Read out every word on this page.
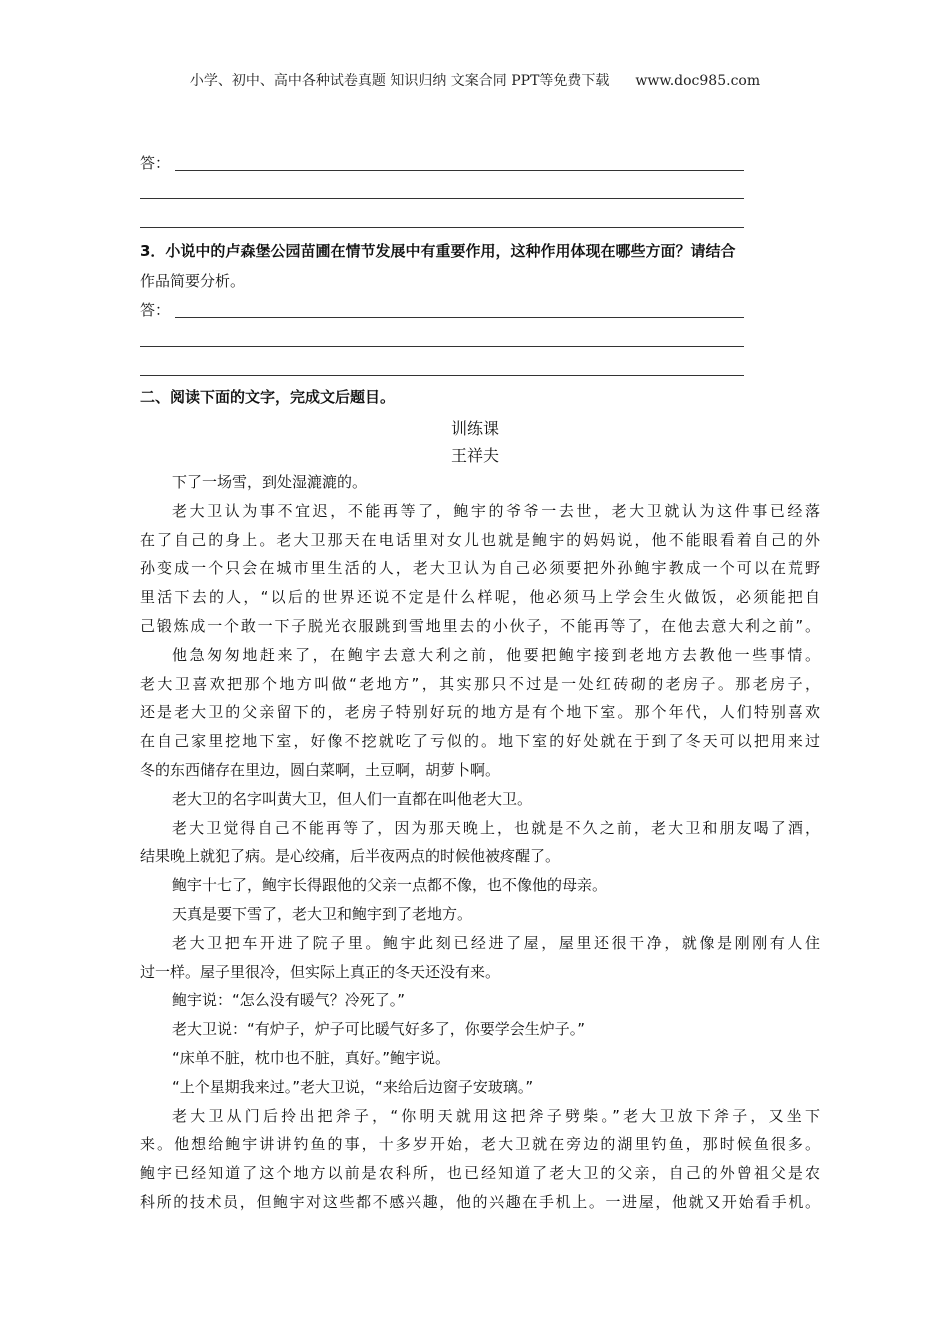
小学、初中、高中各种试卷真题 知识归纳 文案合同 PPT等免费下载 www.doc985.com
答：
3．小说中的卢森堡公园苗圃在情节发展中有重要作用，这种作用体现在哪些方面？请结合
作品简要分析。
答：
二、阅读下面的文字，完成文后题目。
训练课
王祥夫
下了一场雪，到处湿漉漉的。
老大卫认为事不宜迟，不能再等了，鲍宇的爷爷一去世，老大卫就认为这件事已经落
在了自己的身上。老大卫那天在电话里对女儿也就是鲍宇的妈妈说，他不能眼看着自己的外
孙变成一个只会在城市里生活的人，老大卫认为自己必须要把外孙鲍宇教成一个可以在荒野
里活下去的人，“以后的世界还说不定是什么样呢，他必须马上学会生火做饭，必须能把自
己锻炼成一个敢一下子脱光衣服跳到雪地里去的小伙子，不能再等了，在他去意大利之前”。
他急匆匆地赶来了，在鲍宇去意大利之前，他要把鲍宇接到老地方去教他一些事情。
老大卫喜欢把那个地方叫做“老地方”，其实那只不过是一处红砖砌的老房子。那老房子，
还是老大卫的父亲留下的，老房子特别好玩的地方是有个地下室。那个年代，人们特别喜欢
在自己家里挖地下室，好像不挖就吃了亏似的。地下室的好处就在于到了冬天可以把用来过
冬的东西储存在里边，圆白菜啊，土豆啊，胡萝卜啊。
老大卫的名字叫黄大卫，但人们一直都在叫他老大卫。
老大卫觉得自己不能再等了，因为那天晚上，也就是不久之前，老大卫和朋友喝了酒，
结果晚上就犯了病。是心绞痛，后半夜两点的时候他被疼醒了。
鲍宇十七了，鲍宇长得跟他的父亲一点都不像，也不像他的母亲。
天真是要下雪了，老大卫和鲍宇到了老地方。
老大卫把车开进了院子里。鲍宇此刻已经进了屋，屋里还很干净，就像是刚刚有人住
过一样。屋子里很冷，但实际上真正的冬天还没有来。
鲍宇说：“怎么没有暖气？冷死了。”
老大卫说：“有炉子，炉子可比暖气好多了，你要学会生炉子。”
“床单不脏，枕巾也不脏，真好。”鲍宇说。
“上个星期我来过。”老大卫说，“来给后边窗子安玻璃。”
老大卫从门后拎出把斧子，“你明天就用这把斧子劈柴。”老大卫放下斧子，又坐下
来。他想给鲍宇讲讲钓鱼的事，十多岁开始，老大卫就在旁边的湖里钓鱼，那时候鱼很多。
鲍宇已经知道了这个地方以前是农科所，也已经知道了老大卫的父亲，自己的外曾祖父是农
科所的技术员，但鲍宇对这些都不感兴趣，他的兴趣在手机上。一进屋，他就又开始看手机。
